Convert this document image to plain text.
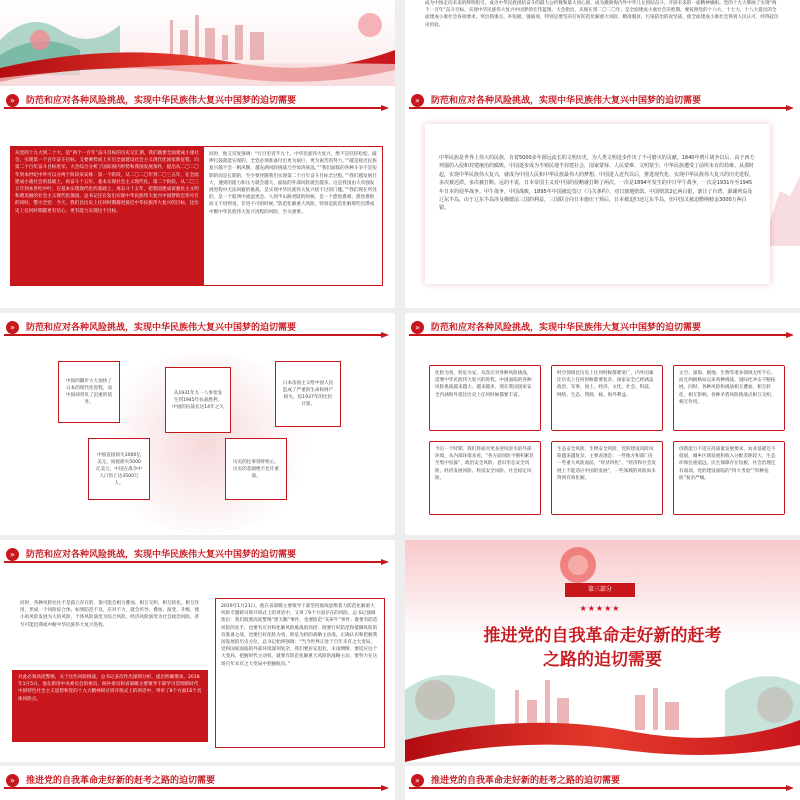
成为中国走向未来的鲜明指引，成为中华民族团结奋斗的最大公约数和最大同心圆，成为激励海内外中华儿女团结奋斗、开辟未来的一面精神旗帜。党的十九大擘画了实现“两个一百年”奋斗目标、实现中华民族伟大复兴中国梦的宏伟蓝图。大会指出，从现在到二〇二〇年，是全面建成小康社会决胜期。要按照党的十六大、十七大、十八大提出的全面建成小康社会各项要求，突出抓重点、补短板、强弱项，特别是要坚决打好防范化解重大风险、精准脱贫、污染防治的攻坚战，使全面建成小康社会得到人民认可、经得起历史检验。

»	防范和应对各种风险挑战，实现中华民族伟大复兴中国梦的迫切需要

从党的十九大到二十大，是“两个一百年”奋斗目标的历史交汇期。我们既要全面建成小康社会、实现第一个百年奋斗目标，又要乘势而上开启全面建设社会主义现代化国家新征程，向第二个百年奋斗目标进军。大会综合分析了国际国内形势和我国发展条件，提出从二〇二〇年到本世纪中叶可以分两个阶段来安排：第一个阶段，从二〇二〇年到二〇三五年，在全面建成小康社会的基础上，再奋斗十五年，基本实现社会主义现代化。第二个阶段，从二〇三五年到本世纪中叶，在基本实现现代化的基础上，再奋斗十五年，把我国建成富强民主文明和谐美丽的社会主义现代化强国。总书记还在发出实现中华民族伟大复兴中国梦的宏伟号召的同时，警示全党：今天，我们比历史上任何时期都更接近中华民族伟大复兴的目标，比历史上任何时期都更有信心、更有能力实现这个目标。

同时，他又反复强调：“行百里者半九十。中华民族伟大复兴，绝不是轻轻松松、敲锣打鼓就能实现的。全党必须准备付出更为艰巨、更为艰苦的努力。”“越是接近民族复兴越不会一帆风顺，越充满风险挑战乃至惊涛骇浪。”“我们面临的各种斗争不是短期的而是长期的，至少要伴随我们实现第二个百年奋斗目标全过程。”“我们越发展壮大，遇到的阻力和压力就会越大，面临的外部风险就会越多。这是我国由大向强发展进程中无法回避的挑战，是实现中华民族伟大复兴绕不过的门槛。”“我们现在所处的，是一个船到中流浪更急、人到半山路更陡的时候，是一个愈进愈难、愈进愈险而又不进则退、非进不可的时候。”防范化解重大风险，特别是防范化解那些迟滞或中断中华民族伟大复兴进程的风险，至关重要。

»	防范和应对各种风险挑战，实现中华民族伟大复兴中国梦的迫切需要

中华民族是世界上伟大的民族，有着5000多年源远流长的文明历史，为人类文明进步作出了不可磨灭的贡献。1840年鸦片战争以后，由于西方列强的入侵和封建统治的腐败，中国逐步成为半殖民地半封建社会，国家蒙辱、人民蒙难、文明蒙尘，中华民族遭受了前所未有的劫难。从那时起，实现中华民族伟大复兴，就成为中国人民和中华民族最伟大的梦想。中国进入近代以后，推进现代化、实现中华民族伟大复兴的历史进程，多次被迟滞，多次被打断。远的不说，日本帝国主义对中国的侵略就打断了两次。一次是1894年发生的中日甲午战争，一次是1931年至1945年日本的侵华战争。甲午战争，中国战败，1895年中国被迫签订《马关条约》，对日割地赔款。中国赔款2亿两白银，割让了台湾、澎湖列岛及辽东半岛，由于辽东半岛涉及俄德法三国的利益，三国联合向日本施压干预后，日本被迫归还辽东半岛，但中国又被迫缴纳赎金3000万两白银。

»	防范和应对各种风险挑战，实现中华民族伟大复兴中国梦的迫切需要

中国的脚步大大加快了日本的现代化进程，而中国却背负了沉重的债务。

从1931年九一八事变发生到1945年抗战胜利，中国的抗战长达14年之久

日本帝国主义给中国人民造成了严重的生命和财产损失，投1937年的比价计算。

中国直接损失1000亿美元，间接损失5000亿美元，中国在战争中人口伤亡达3500万人。

历史的往事刻骨铭心，历史的悲剧绝不允许重演。

»	防范和应对各种风险挑战，实现中华民族伟大复兴中国梦的迫切需要

化险为夷、转危为安，从容应对各种风险挑战，需要中华民族伟大复兴的进程。中国面临的各种风险挑战越来越大、越来越多，现在我国国家安全内涵和外延比历史上任何时候都要丰富。

时空领域比历史上任何时候都要宽广，内外因素比历史上任何时候都要复杂。国家安全已经涵盖政治、军事、国土、经济、文化、社会、科技、网络、生态、资源、核、海外利益。

太空、深海、极地、生物等诸多领域无所不在。而且两极格局以来各种挑战，国际化冲击不断拓展。同时，各种风险和挑战相互叠加、相互转化、相互影响，各种矛盾风险挑战点相互交织、相互作用。

今后一个时期，我们将面对更多逆风逆水的外部环境，从内部环境来看，“各方面风险不断积累甚至集中显露”，政治安全风险、意识形态安全风险、经济发展风险、科技安全风险、社会稳定风险。

生态安全风险、生物安全风险、党的建设风险风险越来越复杂。主要表现是：一些地方和部门在一些重大风险面前，“经济四化”、“经济和社会发展上不能适应中国的发展”，一些领域的风险尚未得到有效化解。

创新能力不适应高质量发展要求，农业基础还不稳固，城乡区域发展和收入分配差距较大，生态环保任重道远，民生保障存在短板，社会治理还有弱项。党的建设面临的“四大考验”“四种危险”复杂严峻。

»	防范和应对各种风险挑战，实现中华民族伟大复兴中国梦的迫切需要

同时，各种风险往往不是孤立存在的，很可能会相互叠加、相互交织、相互转化、相互作用，形成一个风险综合体。如果防范不及、应对不力，就会传导、叠加、演变、升级，使小的风险发展为大的风险，个体风险演变为综合风险，经济风险演变为社会政治风险，甚至可能迟滞或中断中华民族伟大复兴进程。

对此必须高度警惕，关于这些风险挑战，总书记多次作出深刻分析、提出明确要求。2018年1月5日，他在新进中央委员会的委员、候补委员和省部级主要领导干部学习贯彻新时代中国特色社会主义思想和党的十九大精神研讨班开班式上的讲话中，列举了8个方面16个具体风险点。

2019年1月21日，他在省部级主要领导干部坚持底线思维着力防范化解重大风险专题研讨班开班式上的讲话中，又讲了9个方面存在的风险。总书记强调指出：我们既要高度警惕“黑天鹅”事件，也要防范“灰犀牛”事件；既要有防范风险的先手，也要有应对和化解风险挑战的高招；既要打好防范和抵御风险的有准备之战，也要打好化险为夷、转危为机的战略主动战。正确认识和把握我国发展的历史方位，总书记始终强调：“当今世界正处于百年未有之大变局，党和国家面临的外部环境深刻复杂，我们要居安思危、未雨绸缪，要适应这个大变局，把握时代主动权，就要有防范化解重大风险的战略主动，要努力在这场百年未有之大变局中把握航向。”

第三部分
★★★★★
推进党的自我革命走好新的赶考
之路的迫切需要
»	推进党的自我革命走好新的赶考之路的迫切需要	»	推进党的自我革命走好新的赶考之路的迫切需要
